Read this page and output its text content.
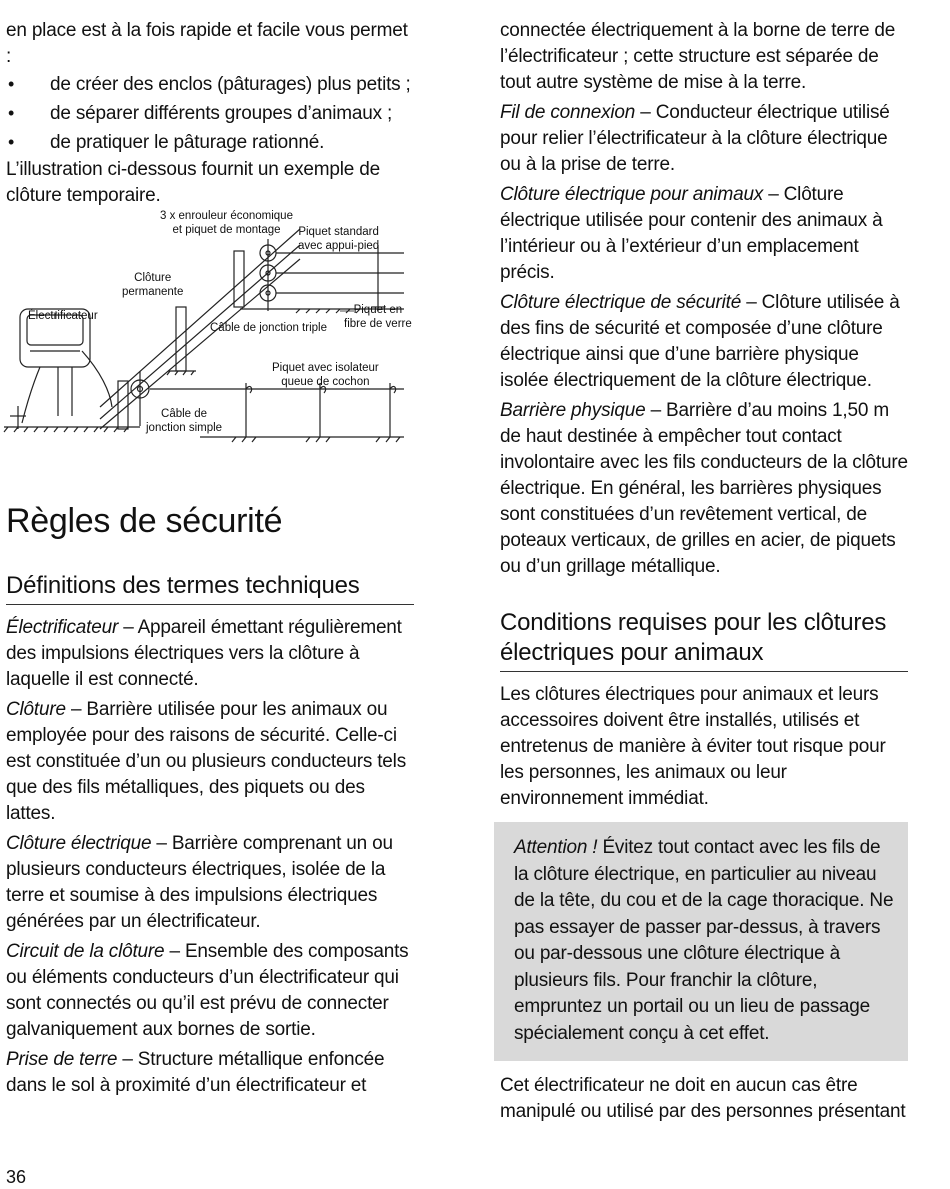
en place est à la fois rapide et facile vous permet :

• de créer des enclos (pâturages) plus petits ;
• de séparer différents groupes d’animaux ;
• de pratiquer le pâturage rationné.

L’illustration ci-dessous fournit un exemple de clôture temporaire.

3 x enrouleur économique
et piquet de montage	Piquet standard
avec appui-pied
Clôture
permanente
Électrificateur	Piquet en
fibre de verre
Câble de jonction triple
Piquet avec isolateur
queue de cochon
Câble de
jonction simple
Règles de sécurité
Définitions des termes techniques

Électrificateur – Appareil émettant régulièrement des impulsions électriques vers la clôture à laquelle il est connecté.

Clôture – Barrière utilisée pour les animaux ou employée pour des raisons de sécurité. Celle-ci est constituée d’un ou plusieurs conducteurs tels que des fils métalliques, des piquets ou des lattes.

Clôture électrique – Barrière comprenant un ou plusieurs conducteurs électriques, isolée de la terre et soumise à des impulsions électriques générées par un électrificateur.

Circuit de la clôture – Ensemble des composants ou éléments conducteurs d’un électrificateur qui sont connectés ou qu’il est prévu de connecter galvaniquement aux bornes de sortie.

Prise de terre – Structure métallique enfoncée dans le sol à proximité d’un électrificateur et

connectée électriquement à la borne de terre de l’électrificateur ; cette structure est séparée de tout autre système de mise à la terre.

Fil de connexion – Conducteur électrique utilisé pour relier l’électrificateur à la clôture électrique ou à la prise de terre.

Clôture électrique pour animaux – Clôture électrique utilisée pour contenir des animaux à l’intérieur ou à l’extérieur d’un emplacement précis.

Clôture électrique de sécurité – Clôture utilisée à des fins de sécurité et composée d’une clôture électrique ainsi que d’une barrière physique isolée électriquement de la clôture électrique.

Barrière physique – Barrière d’au moins 1,50 m de haut destinée à empêcher tout contact involontaire avec les fils conducteurs de la clôture électrique. En général, les barrières physiques sont constituées d’un revêtement vertical, de poteaux verticaux, de grilles en acier, de piquets ou d’un grillage métallique.

Conditions requises pour les clôtures électriques pour animaux

Les clôtures électriques pour animaux et leurs accessoires doivent être installés, utilisés et entretenus de manière à éviter tout risque pour les personnes, les animaux ou leur environnement immédiat.

Attention ! Évitez tout contact avec les fils de la clôture électrique, en particulier au niveau de la tête, du cou et de la cage thoracique. Ne pas essayer de passer par-dessus, à travers ou par-dessous une clôture électrique à plusieurs fils. Pour franchir la clôture, empruntez un portail ou un lieu de passage spécialement conçu à cet effet.

Cet électrificateur ne doit en aucun cas être manipulé ou utilisé par des personnes présentant

36
